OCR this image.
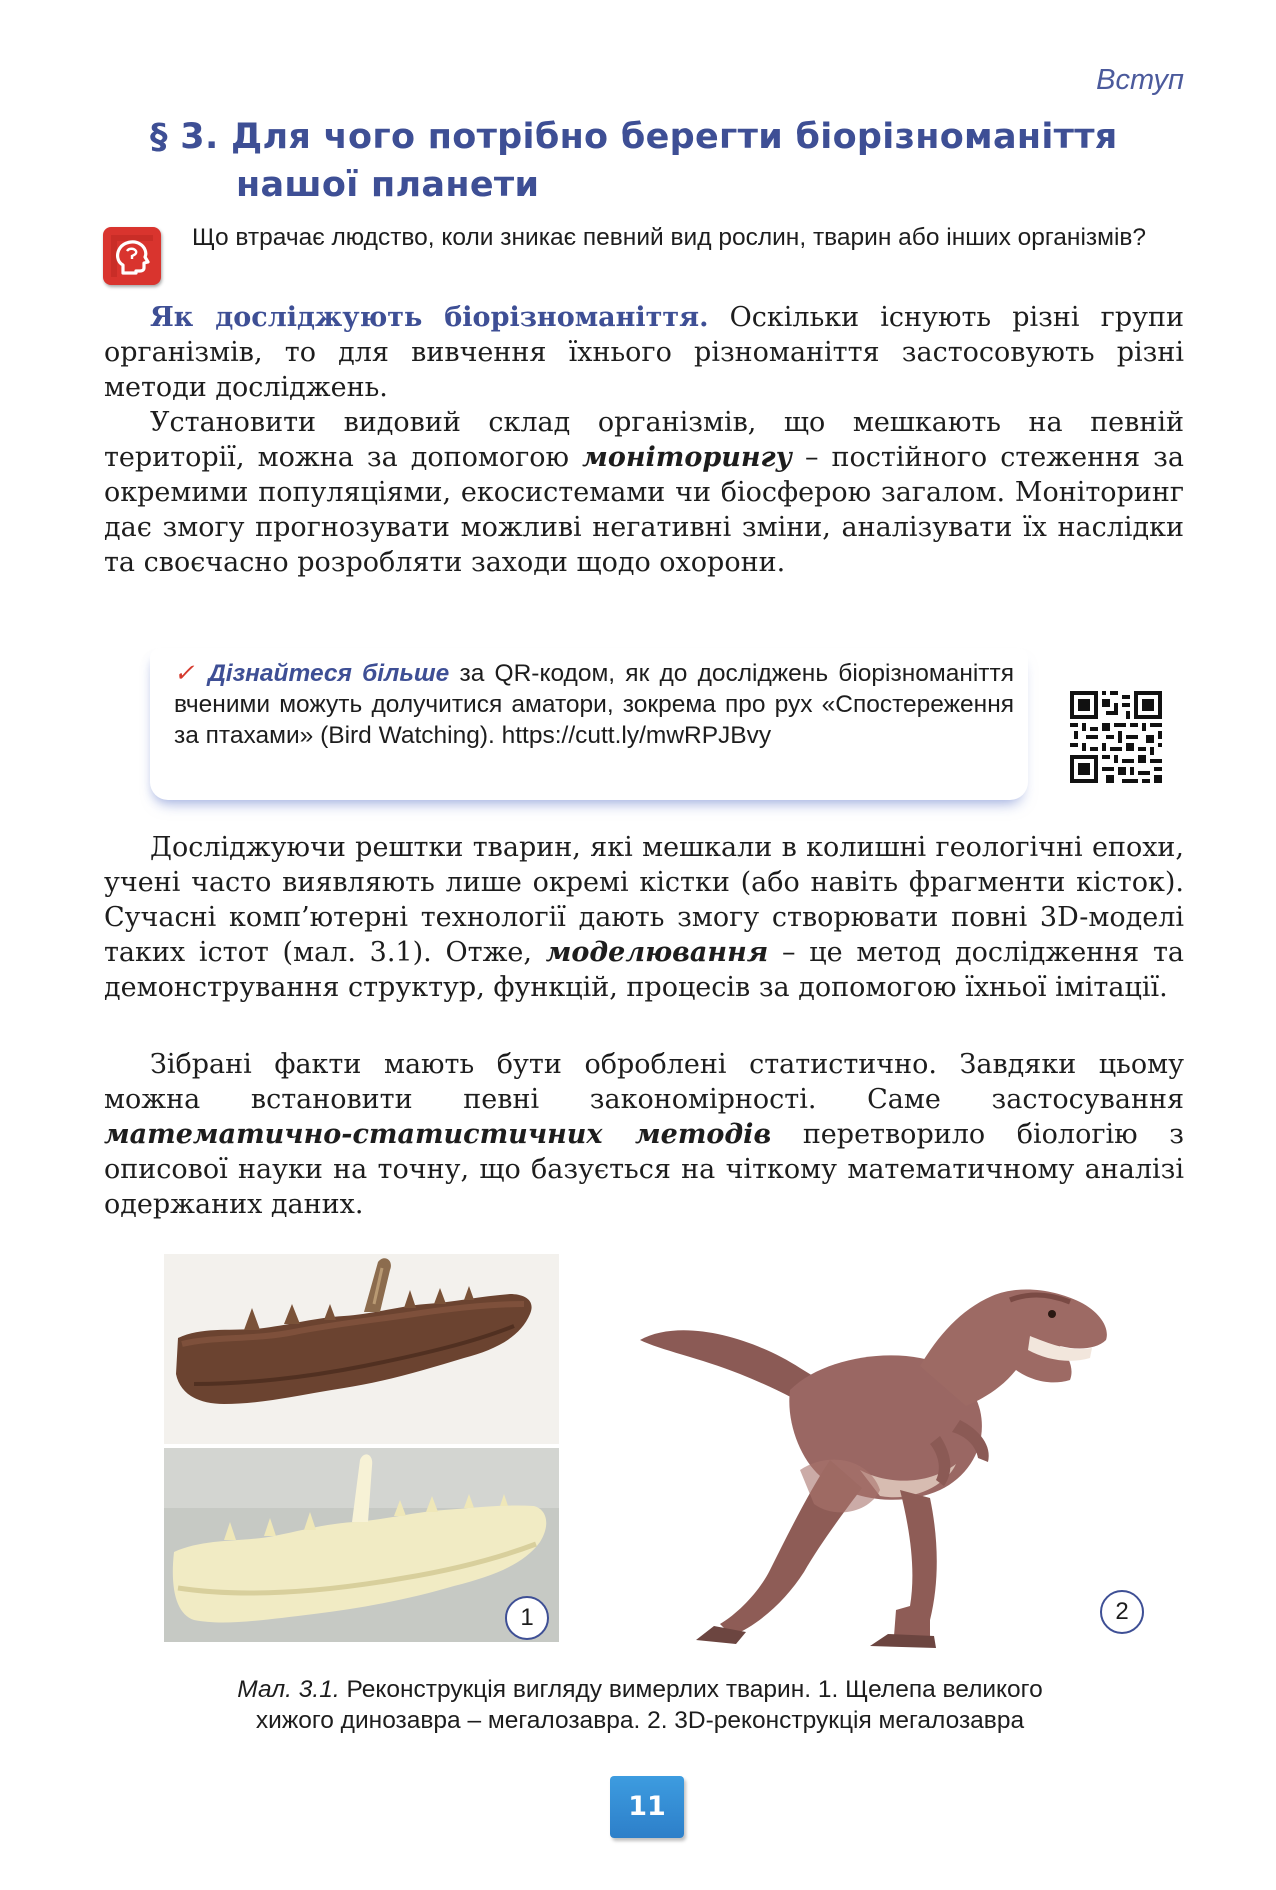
Вступ
§ 3. Для чого потрібно берегти біорізноманіття
нашої планети
Що втрачає людство, коли зникає певний вид рослин, тварин або інших організмів?

Як досліджують біорізноманіття. Оскільки існують різні групи організмів, то для вивчення їхнього різноманіття застосовують різні методи досліджень.

Установити видовий склад організмів, що мешкають на певній території, можна за допомогою моніторингу – постійного стеження за окремими популяціями, екосистемами чи біосферою загалом. Моніторинг дає змогу прогнозувати можливі негативні зміни, аналізувати їх наслідки та своєчасно розробляти заходи щодо охорони.

✓ Дізнайтеся більше за QR-кодом, як до досліджень біорізноманіття вченими можуть долучитися аматори, зокрема про рух «Спостереження за птахами» (Bird Watching). https://cutt.ly/mwRPJBvy

Досліджуючи рештки тварин, які мешкали в колишні геологічні епохи, учені часто виявляють лише окремі кістки (або навіть фрагменти кісток). Сучасні комп’ютерні технології дають змогу створювати повні 3D-моделі таких істот (мал. 3.1). Отже, моделювання – це метод дослідження та демонстрування структур, функцій, процесів за допомогою їхньої імітації.

Зібрані факти мають бути оброблені статистично. Завдяки цьому можна встановити певні закономірності. Саме застосування математично-статистичних методів перетворило біологію з описової науки на точну, що базується на чіткому математичному аналізі одержаних даних.

1	2
Мал. 3.1. Реконструкція вигляду вимерлих тварин. 1. Щелепа великого
хижого динозавра – мегалозавра. 2. 3D-реконструкція мегалозавра
11
